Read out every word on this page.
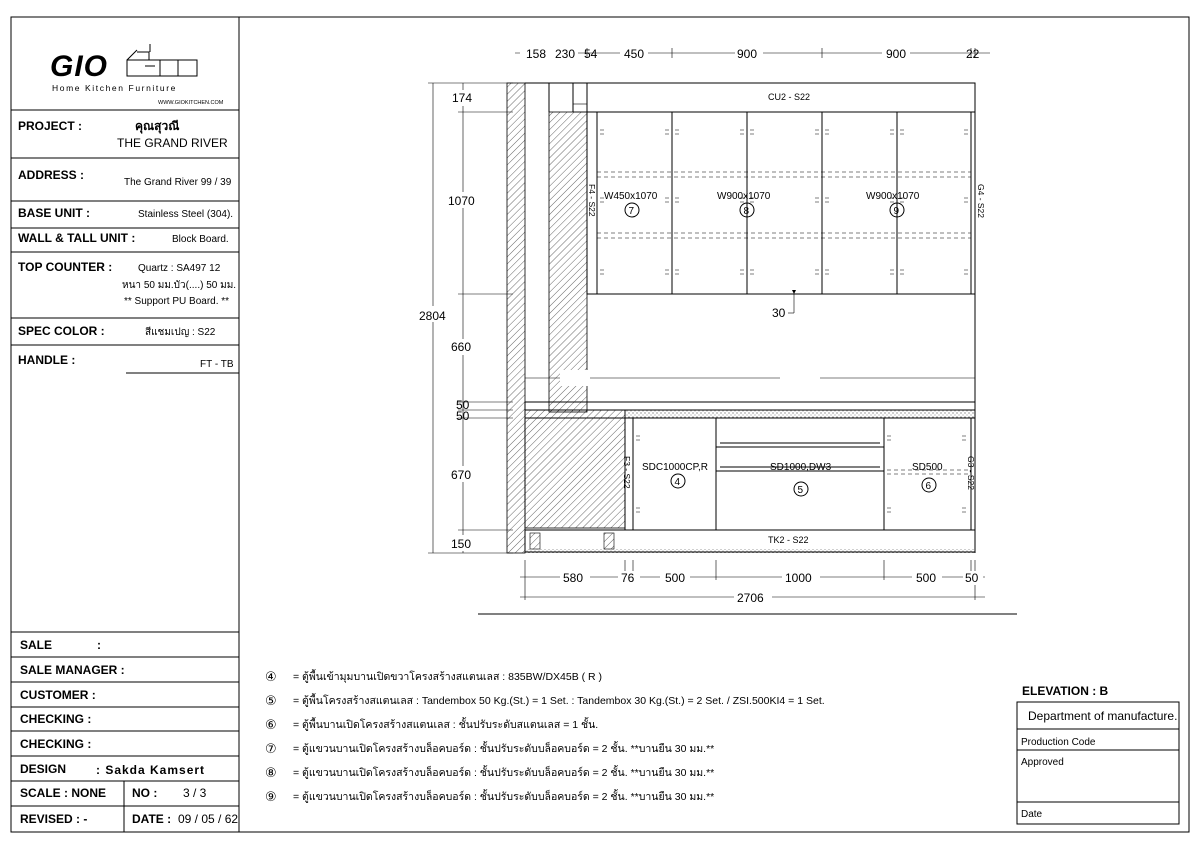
GIO
Home Kitchen Furniture
WWW.GIOKITCHEN.COM
PROJECT :	คุณสุวณี
THE GRAND RIVER
ADDRESS :
The Grand River 99 / 39
BASE UNIT :	Stainless Steel (304).
WALL & TALL UNIT :	Block Board.
TOP COUNTER :	Quartz : SA497 12
หนา 50 มม.บัว(....) 50 มม.
** Support PU Board. **
SPEC COLOR :	สีแชมเปญ : S22
HANDLE :	FT - TB
SALE	:
SALE MANAGER :
CUSTOMER :
CHECKING :
CHECKING :
DESIGN : Sakda Kamsert
SCALE : NONE NO : 3 / 3
REVISED : -	DATE : 09 / 05 / 62
CU2 - S22
W450x1070	W900x1070	W900x1070
F4 - S22	G4 - S22
7	8	9
30
SDC1000CP,R	SD1000,DW3	SD500
F3 - S22	G3 - S22
4
5	6
TK2 - S22
158 230 54 450	900	900	22
174
1070
2804
660
50
50
670
150
580	76	500	1000	500 50
2706
④ = ตู้พื้นเข้ามุมบานเปิดขวาโครงสร้างสแตนเลส : 835BW/DX45B ( R )
⑤ = ตู้พื้นโครงสร้างสแตนเลส : Tandembox 50 Kg.(St.) = 1 Set. : Tandembox 30 Kg.(St.) = 2 Set. / ZSI.500KI4 = 1 Set.
⑥ = ตู้พื้นบานเปิดโครงสร้างสแตนเลส : ชั้นปรับระดับสแตนเลส = 1 ชั้น.
⑦ = ตู้แขวนบานเปิดโครงสร้างบล็อคบอร์ด : ชั้นปรับระดับบล็อคบอร์ด = 2 ชั้น. **บานยืน 30 มม.**
⑧ = ตู้แขวนบานเปิดโครงสร้างบล็อคบอร์ด : ชั้นปรับระดับบล็อคบอร์ด = 2 ชั้น. **บานยืน 30 มม.**
⑨ = ตู้แขวนบานเปิดโครงสร้างบล็อคบอร์ด : ชั้นปรับระดับบล็อคบอร์ด = 2 ชั้น. **บานยืน 30 มม.**
ELEVATION : B
Department of manufacture.
Production Code
Approved
Date
